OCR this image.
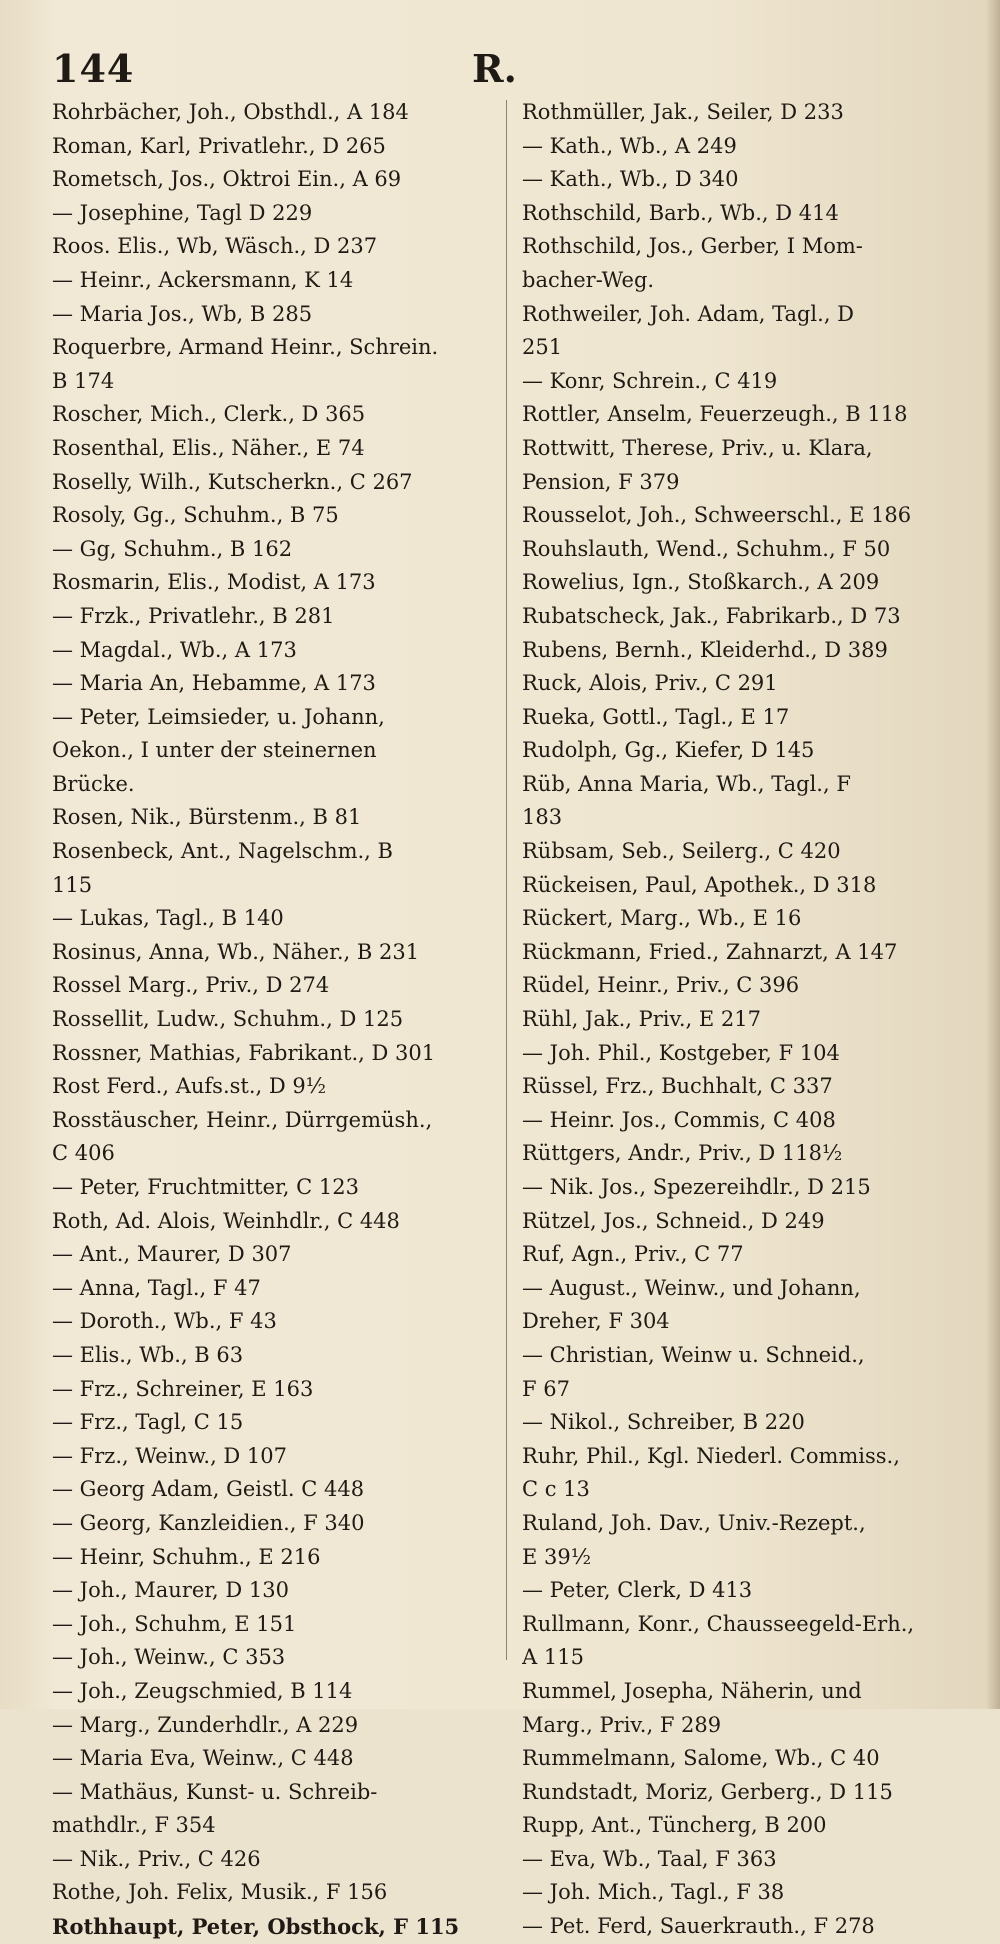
144	R.
Rohrbächer, Joh., Obsthdl., A 184
Roman, Karl, Privatlehr., D 265
Rometsch, Jos., Oktroi Ein., A 69
— Josephine, Tagl D 229
Roos. Elis., Wb, Wäsch., D 237
— Heinr., Ackersmann, K 14
— Maria Jos., Wb, B 285
Roquerbre, Armand Heinr., Schrein.
B 174
Roscher, Mich., Clerk., D 365
Rosenthal, Elis., Näher., E 74
Roselly, Wilh., Kutscherkn., C 267
Rosoly, Gg., Schuhm., B 75
— Gg, Schuhm., B 162
Rosmarin, Elis., Modist, A 173
— Frzk., Privatlehr., B 281
— Magdal., Wb., A 173
— Maria An, Hebamme, A 173
— Peter, Leimsieder, u. Johann,
Oekon., I unter der steinernen
Brücke.
Rosen, Nik., Bürstenm., B 81
Rosenbeck, Ant., Nagelschm., B
115
— Lukas, Tagl., B 140
Rosinus, Anna, Wb., Näher., B 231
Rossel Marg., Priv., D 274
Rossellit, Ludw., Schuhm., D 125
Rossner, Mathias, Fabrikant., D 301
Rost Ferd., Aufs.st., D 9½
Rosstäuscher, Heinr., Dürrgemüsh.,
C 406
— Peter, Fruchtmitter, C 123
Roth, Ad. Alois, Weinhdlr., C 448
— Ant., Maurer, D 307
— Anna, Tagl., F 47
— Doroth., Wb., F 43
— Elis., Wb., B 63
— Frz., Schreiner, E 163
— Frz., Tagl, C 15
— Frz., Weinw., D 107
— Georg Adam, Geistl. C 448
— Georg, Kanzleidien., F 340
— Heinr, Schuhm., E 216
— Joh., Maurer, D 130
— Joh., Schuhm, E 151
— Joh., Weinw., C 353
— Joh., Zeugschmied, B 114
— Marg., Zunderhdlr., A 229
— Maria Eva, Weinw., C 448
— Mathäus, Kunst- u. Schreib-
mathdlr., F 354
— Nik., Priv., C 426
Rothe, Joh. Felix, Musik., F 156
Rothhaupt, Peter, Obsthock, F 115
Rothmüller, Jak., Seiler, D 233
— Kath., Wb., A 249
— Kath., Wb., D 340
Rothschild, Barb., Wb., D 414
Rothschild, Jos., Gerber, I Mom-
bacher-Weg.
Rothweiler, Joh. Adam, Tagl., D
251
— Konr, Schrein., C 419
Rottler, Anselm, Feuerzeugh., B 118
Rottwitt, Therese, Priv., u. Klara,
Pension, F 379
Rousselot, Joh., Schweerschl., E 186
Rouhslauth, Wend., Schuhm., F 50
Rowelius, Ign., Stoßkarch., A 209
Rubatscheck, Jak., Fabrikarb., D 73
Rubens, Bernh., Kleiderhd., D 389
Ruck, Alois, Priv., C 291
Rueka, Gottl., Tagl., E 17
Rudolph, Gg., Kiefer, D 145
Rüb, Anna Maria, Wb., Tagl., F
183
Rübsam, Seb., Seilerg., C 420
Rückeisen, Paul, Apothek., D 318
Rückert, Marg., Wb., E 16
Rückmann, Fried., Zahnarzt, A 147
Rüdel, Heinr., Priv., C 396
Rühl, Jak., Priv., E 217
— Joh. Phil., Kostgeber, F 104
Rüssel, Frz., Buchhalt, C 337
— Heinr. Jos., Commis, C 408
Rüttgers, Andr., Priv., D 118½
— Nik. Jos., Spezereihdlr., D 215
Rützel, Jos., Schneid., D 249
Ruf, Agn., Priv., C 77
— August., Weinw., und Johann,
Dreher, F 304
— Christian, Weinw u. Schneid.,
F 67
— Nikol., Schreiber, B 220
Ruhr, Phil., Kgl. Niederl. Commiss.,
C c 13
Ruland, Joh. Dav., Univ.-Rezept.,
E 39½
— Peter, Clerk, D 413
Rullmann, Konr., Chausseegeld-Erh.,
A 115
Rummel, Josepha, Näherin, und
Marg., Priv., F 289
Rummelmann, Salome, Wb., C 40
Rundstadt, Moriz, Gerberg., D 115
Rupp, Ant., Tüncherg, B 200
— Eva, Wb., Taal, F 363
— Joh. Mich., Tagl., F 38
— Pet. Ferd, Sauerkrauth., F 278
